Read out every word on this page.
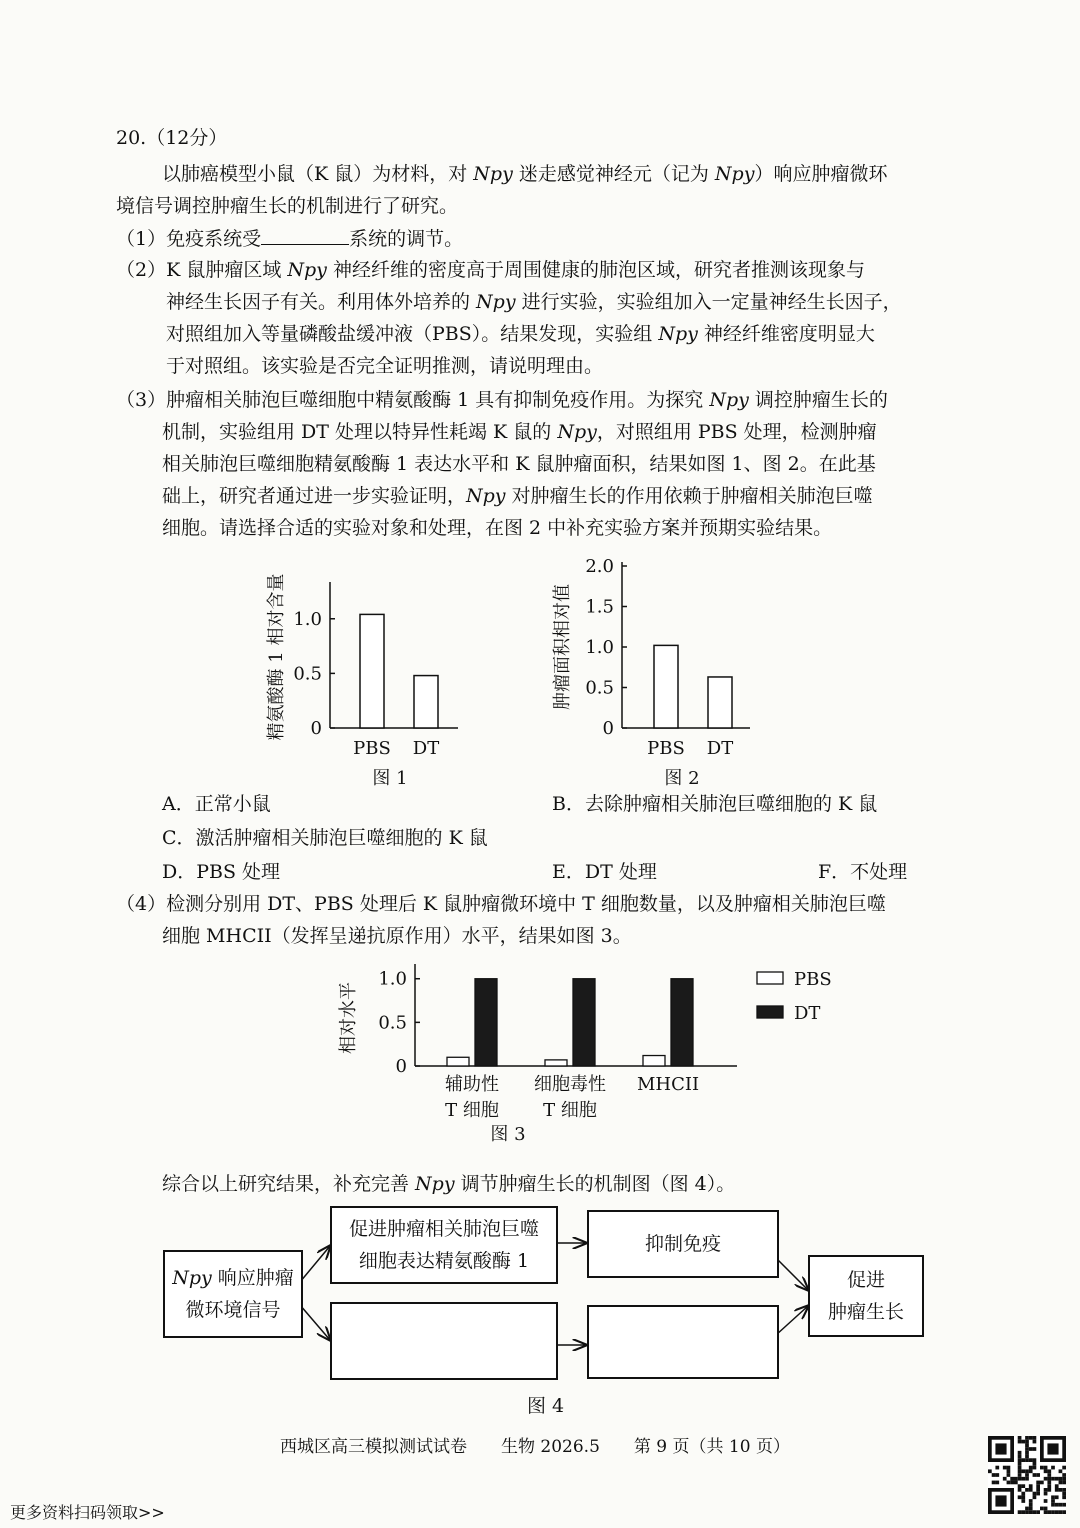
20.（12分）
以肺癌模型小鼠（K 鼠）为材料，对 Npy 迷走感觉神经元（记为 Npy）响应肿瘤微环
境信号调控肿瘤生长的机制进行了研究。
（1）免疫系统受	系统的调节。
（2）K 鼠肿瘤区域 Npy 神经纤维的密度高于周围健康的肺泡区域，研究者推测该现象与
神经生长因子有关。利用体外培养的 Npy 进行实验，实验组加入一定量神经生长因子，
对照组加入等量磷酸盐缓冲液（PBS）。结果发现，实验组 Npy 神经纤维密度明显大
于对照组。该实验是否完全证明推测，请说明理由。
（3）肿瘤相关肺泡巨噬细胞中精氨酸酶 1 具有抑制免疫作用。为探究 Npy 调控肿瘤生长的
机制，实验组用 DT 处理以特异性耗竭 K 鼠的 Npy，对照组用 PBS 处理，检测肿瘤
相关肺泡巨噬细胞精氨酸酶 1 表达水平和 K 鼠肿瘤面积，结果如图 1、图 2。在此基
础上，研究者通过进一步实验证明，Npy 对肿瘤生长的作用依赖于肿瘤相关肺泡巨噬
细胞。请选择合适的实验对象和处理，在图 2 中补充实验方案并预期实验结果。
0
0.5
1.0
PBS DT
图 1
精氨酸酶 1 相对含量	0
0.5
1.0
1.5
2.0
PBS DT
图 2
肿瘤面积相对值
A．正常小鼠	B．去除肿瘤相关肺泡巨噬细胞的 K 鼠
C．激活肿瘤相关肺泡巨噬细胞的 K 鼠
D．PBS 处理	E．DT 处理	F．不处理
（4）检测分别用 DT、PBS 处理后 K 鼠肿瘤微环境中 T 细胞数量，以及肿瘤相关肺泡巨噬
细胞 MHCII（发挥呈递抗原作用）水平，结果如图 3。
0
0.5
1.0
辅助性
T 细胞
细胞毒性
T 细胞
MHCII
相对水平
图 3
PBS
DT
综合以上研究结果，补充完善 Npy 调节肿瘤生长的机制图（图 4）。
Npy 响应肿瘤
微环境信号
促进肿瘤相关肺泡巨噬
细胞表达精氨酸酶 1
抑制免疫
促进
肿瘤生长
图 4
西城区高三模拟测试试卷　　生物 2026.5　　第 9 页（共 10 页）
更多资料扫码领取>>
